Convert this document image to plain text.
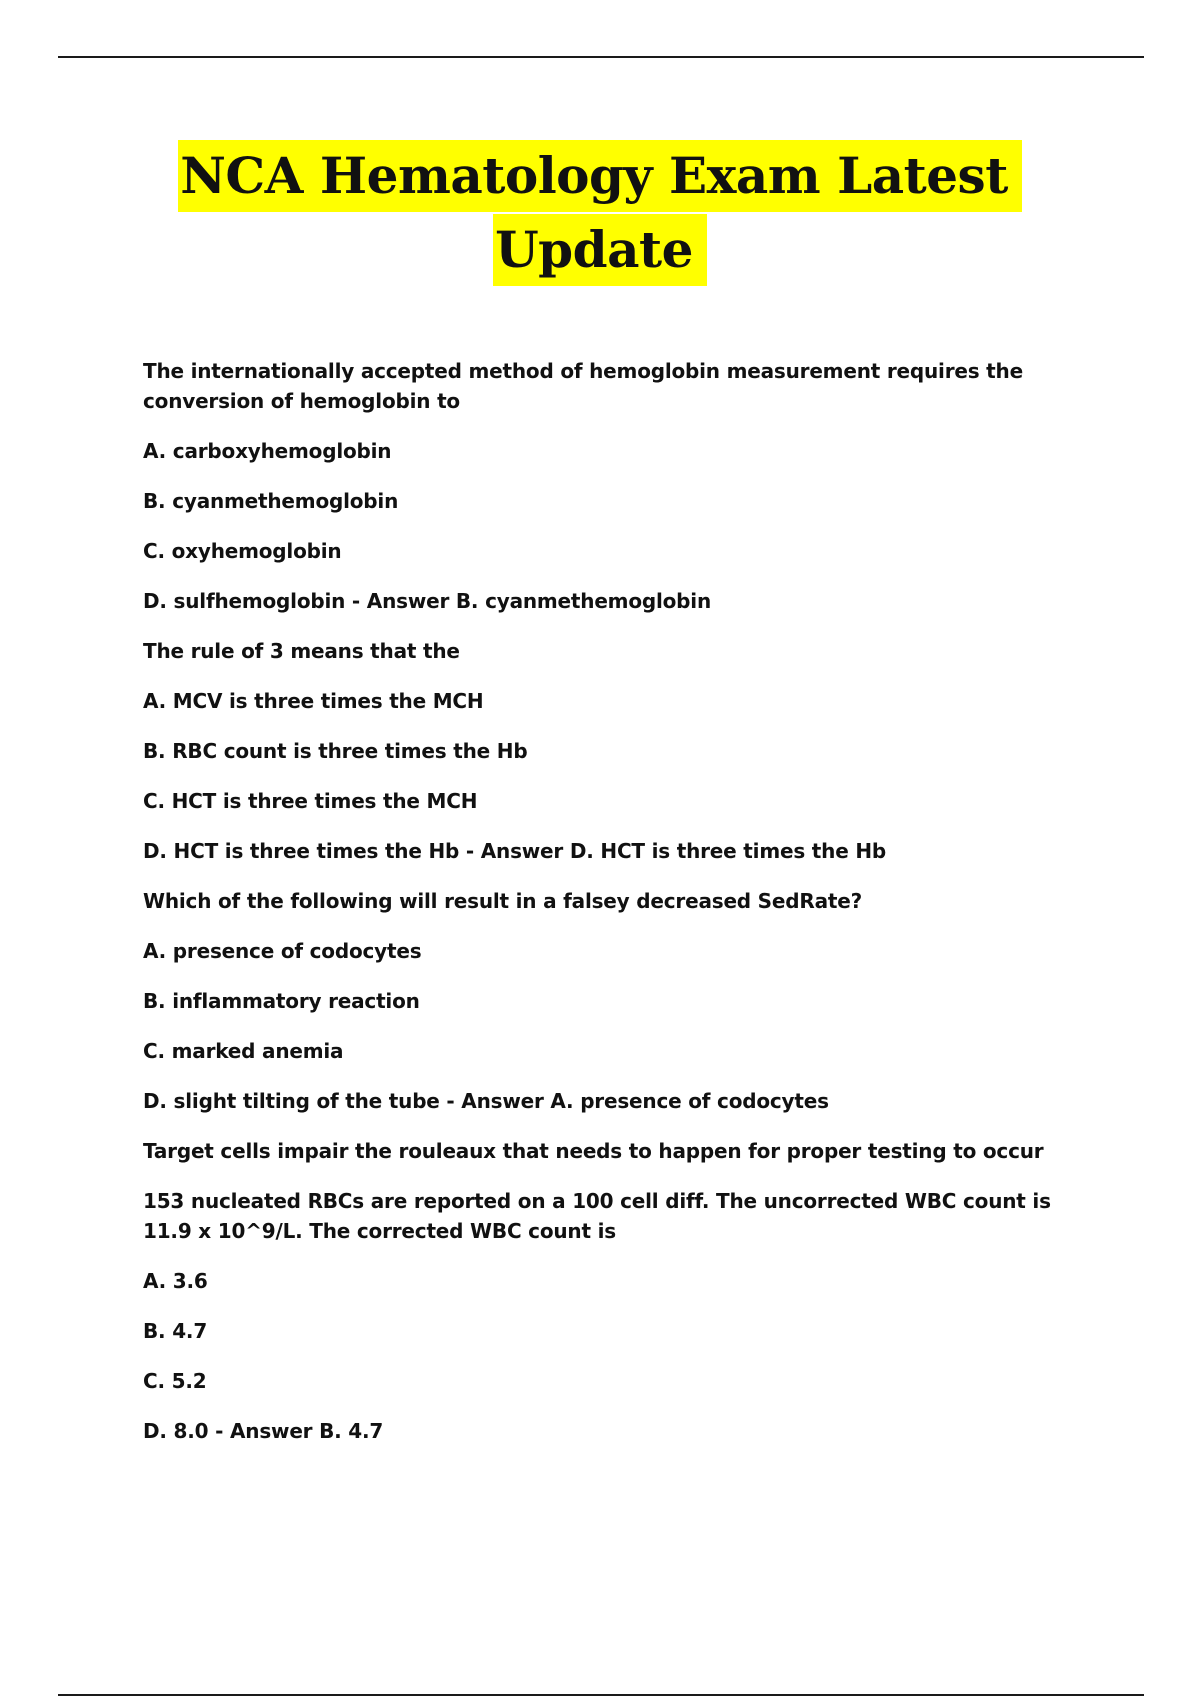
NCA Hematology Exam Latest
Update

The internationally accepted method of hemoglobin measurement requires the conversion of hemoglobin to

A. carboxyhemoglobin

B. cyanmethemoglobin

C. oxyhemoglobin

D. sulfhemoglobin - Answer B. cyanmethemoglobin

The rule of 3 means that the

A. MCV is three times the MCH

B. RBC count is three times the Hb

C. HCT is three times the MCH

D. HCT is three times the Hb - Answer D. HCT is three times the Hb

Which of the following will result in a falsey decreased SedRate?

A. presence of codocytes

B. inflammatory reaction

C. marked anemia

D. slight tilting of the tube - Answer A. presence of codocytes

Target cells impair the rouleaux that needs to happen for proper testing to occur

153 nucleated RBCs are reported on a 100 cell diff. The uncorrected WBC count is 11.9 x 10^9/L. The corrected WBC count is

A. 3.6

B. 4.7

C. 5.2

D. 8.0 - Answer B. 4.7
